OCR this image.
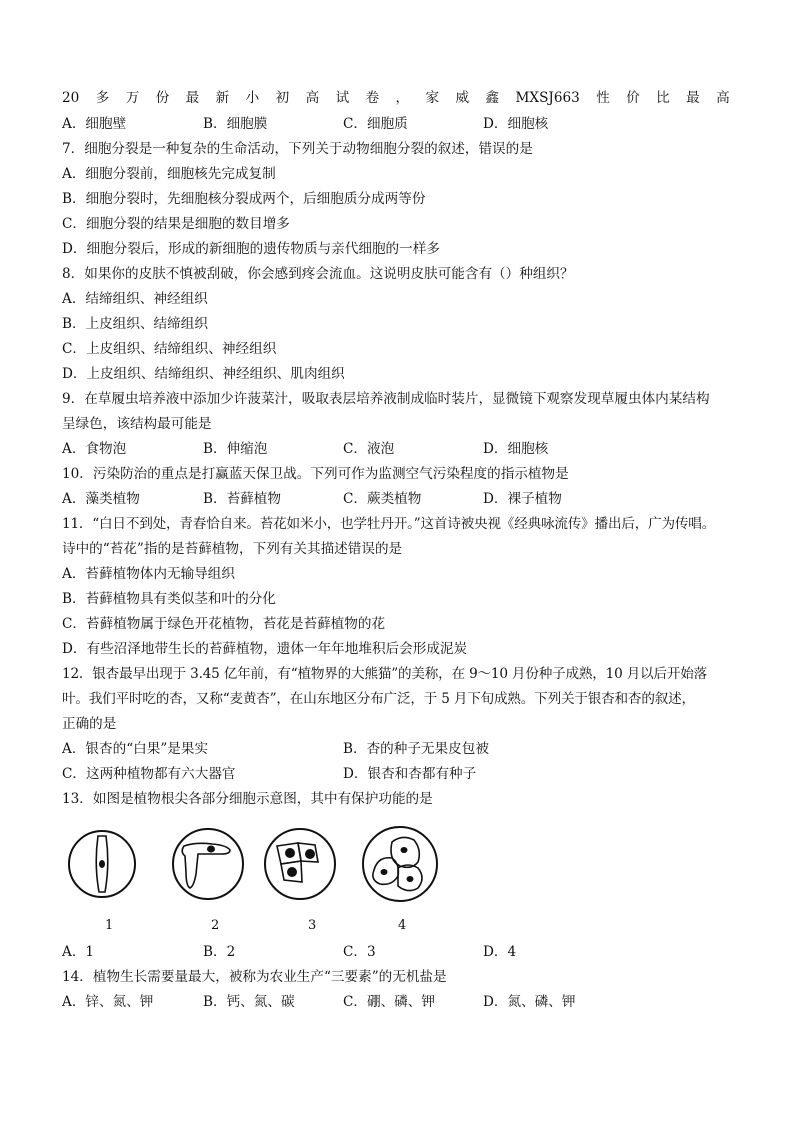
20 多 万 份 最 新 小 初 高 试 卷 ， 家 威 鑫 MXSJ663 性 价 比 最 高
A．细胞壁	B．细胞膜	C．细胞质	D．细胞核
7．细胞分裂是一种复杂的生命活动，下列关于动物细胞分裂的叙述，错误的是
A．细胞分裂前，细胞核先完成复制
B．细胞分裂时，先细胞核分裂成两个，后细胞质分成两等份
C．细胞分裂的结果是细胞的数目增多
D．细胞分裂后，形成的新细胞的遗传物质与亲代细胞的一样多
8．如果你的皮肤不慎被刮破，你会感到疼会流血。这说明皮肤可能含有（）种组织？
A．结缔组织、神经组织
B．上皮组织、结缔组织
C．上皮组织、结缔组织、神经组织
D．上皮组织、结缔组织、神经组织、肌肉组织
9．在草履虫培养液中添加少许菠菜汁，吸取表层培养液制成临时装片，显微镜下观察发现草履虫体内某结构
呈绿色，该结构最可能是
A．食物泡	B．伸缩泡	C．液泡	D．细胞核
10．污染防治的重点是打赢蓝天保卫战。下列可作为监测空气污染程度的指示植物是
A．藻类植物	B．苔藓植物	C．蕨类植物	D．裸子植物
11．“白日不到处，青春恰自来。苔花如米小，也学牡丹开。”这首诗被央视《经典咏流传》播出后，广为传唱。
诗中的“苔花”指的是苔藓植物，下列有关其描述错误的是
A．苔藓植物体内无输导组织
B．苔藓植物具有类似茎和叶的分化
C．苔藓植物属于绿色开花植物，苔花是苔藓植物的花
D．有些沼泽地带生长的苔藓植物，遗体一年年地堆积后会形成泥炭
12．银杏最早出现于 3.45 亿年前，有“植物界的大熊猫”的美称，在 9～10 月份种子成熟，10 月以后开始落
叶。我们平时吃的杏，又称“麦黄杏”，在山东地区分布广泛，于 5 月下旬成熟。下列关于银杏和杏的叙述，
正确的是
A．银杏的“白果”是果实	B．杏的种子无果皮包被
C．这两种植物都有六大器官	D．银杏和杏都有种子
13．如图是植物根尖各部分细胞示意图，其中有保护功能的是
1	2	3	4
A．1	B．2	C．3	D．4
14．植物生长需要量最大，被称为农业生产“三要素”的无机盐是
A．锌、氮、钾	B．钙、氮、碳	C．硼、磷、钾	D．氮、磷、钾
